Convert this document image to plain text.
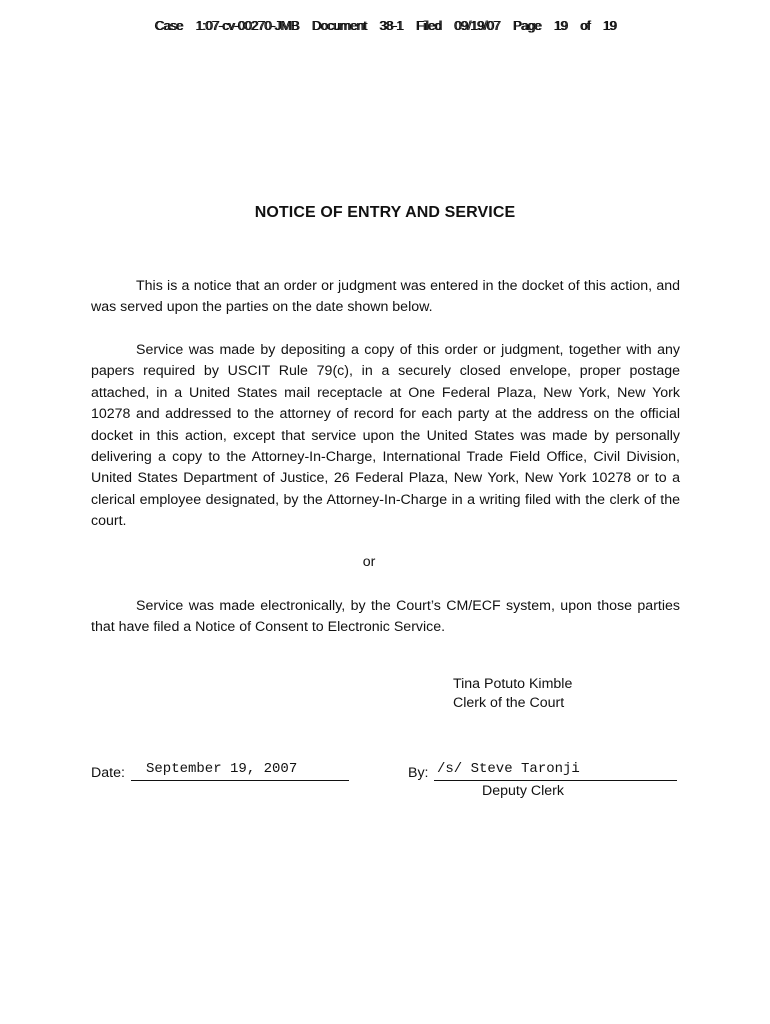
Case 1:07-cv-00270-JMB Document 38-1 Filed 09/19/07 Page 19 of 19
NOTICE OF ENTRY AND SERVICE

This is a notice that an order or judgment was entered in the docket of this action, and was served upon the parties on the date shown below.

Service was made by depositing a copy of this order or judgment, together with any papers required by USCIT Rule 79(c), in a securely closed envelope, proper postage attached, in a United States mail receptacle at One Federal Plaza, New York, New York 10278 and addressed to the attorney of record for each party at the address on the official docket in this action, except that service upon the United States was made by personally delivering a copy to the Attorney-In-Charge, International Trade Field Office, Civil Division, United States Department of Justice, 26 Federal Plaza, New York, New York 10278 or to a clerical employee designated, by the Attorney-In-Charge in a writing filed with the clerk of the court.

or

Service was made electronically, by the Court’s CM/ECF system, upon those parties that have filed a Notice of Consent to Electronic Service.

Tina Potuto Kimble
Clerk of the Court
Date: September 19, 2007	By: /s/ Steve Taronji
Deputy Clerk
